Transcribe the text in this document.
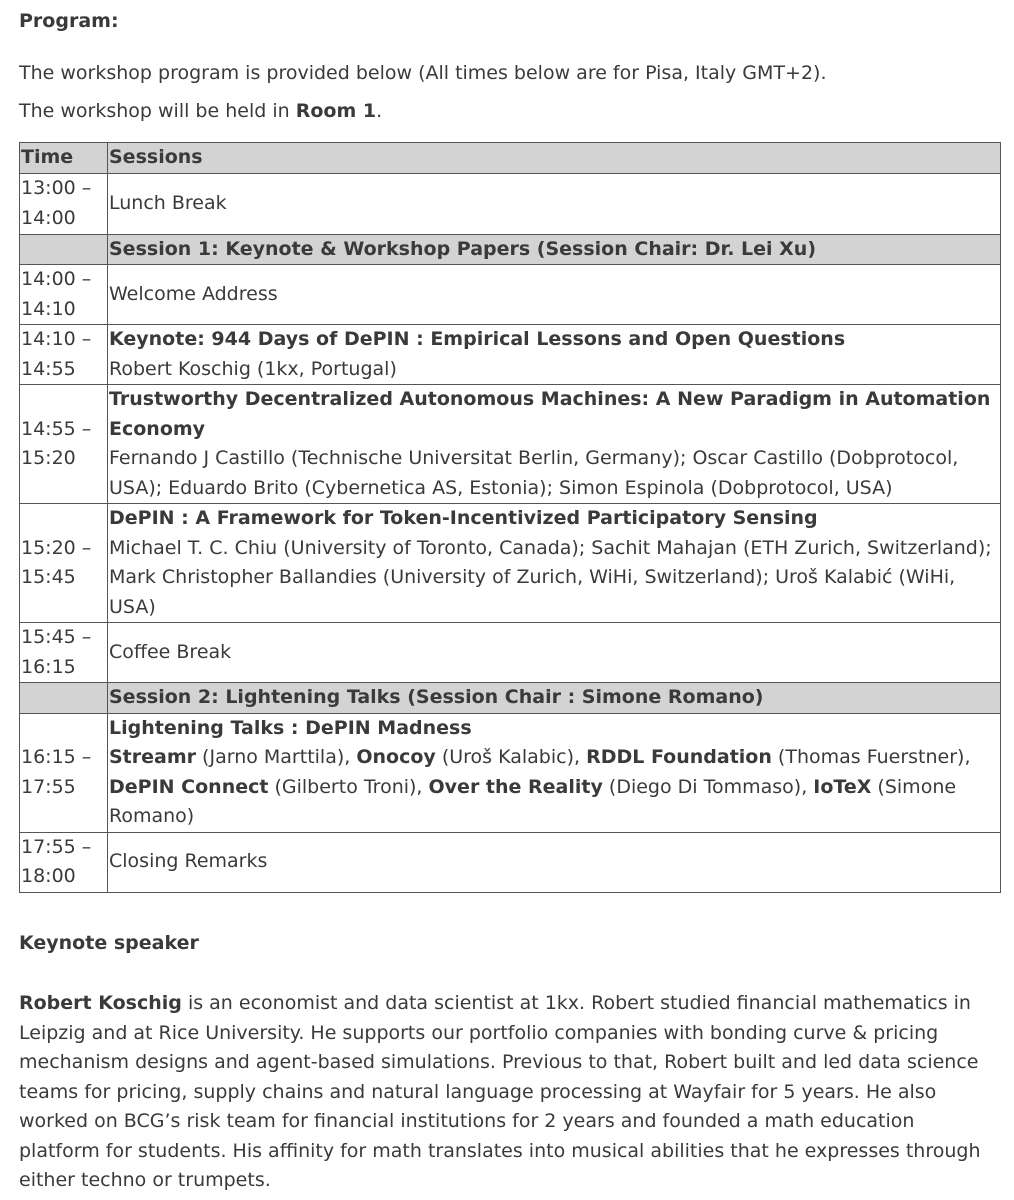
Program:
The workshop program is provided below (All times below are for Pisa, Italy GMT+2).
The workshop will be held in Room 1.
Time	Sessions
13:00 – 14:00	Lunch Break
	Session 1: Keynote & Workshop Papers (Session Chair: Dr. Lei Xu)
14:00 – 14:10	Welcome Address
14:10 – 14:55	Keynote: 944 Days of DePIN : Empirical Lessons and Open Questions
Robert Koschig (1kx, Portugal)

14:55 – 15:20	Trustworthy Decentralized Autonomous Machines: A New Paradigm in Automation Economy
Fernando J Castillo (Technische Universitat Berlin, Germany); Oscar Castillo (Dobprotocol, USA); Eduardo Brito (Cybernetica AS, Estonia); Simon Espinola (Dobprotocol, USA)

15:20 – 15:45	DePIN : A Framework for Token-Incentivized Participatory Sensing
Michael T. C. Chiu (University of Toronto, Canada); Sachit Mahajan (ETH Zurich, Switzerland); Mark Christopher Ballandies (University of Zurich, WiHi, Switzerland); Uroš Kalabić (WiHi, USA)

15:45 – 16:15	Coffee Break
	Session 2: Lightening Talks (Session Chair : Simone Romano)
16:15 – 17:55	Lightening Talks : DePIN Madness
Streamr (Jarno Marttila), Onocoy (Uroš Kalabic), RDDL Foundation (Thomas Fuerstner), DePIN Connect (Gilberto Troni), Over the Reality (Diego Di Tommaso), IoTeX (Simone Romano)

17:55 – 18:00	Closing Remarks
Keynote speaker
Robert Koschig is an economist and data scientist at 1kx. Robert studied financial mathematics in Leipzig and at Rice University. He supports our portfolio companies with bonding curve & pricing mechanism designs and agent-based simulations. Previous to that, Robert built and led data science teams for pricing, supply chains and natural language processing at Wayfair for 5 years. He also worked on BCG’s risk team for financial institutions for 2 years and founded a math education platform for students. His affinity for math translates into musical abilities that he expresses through either techno or trumpets.
